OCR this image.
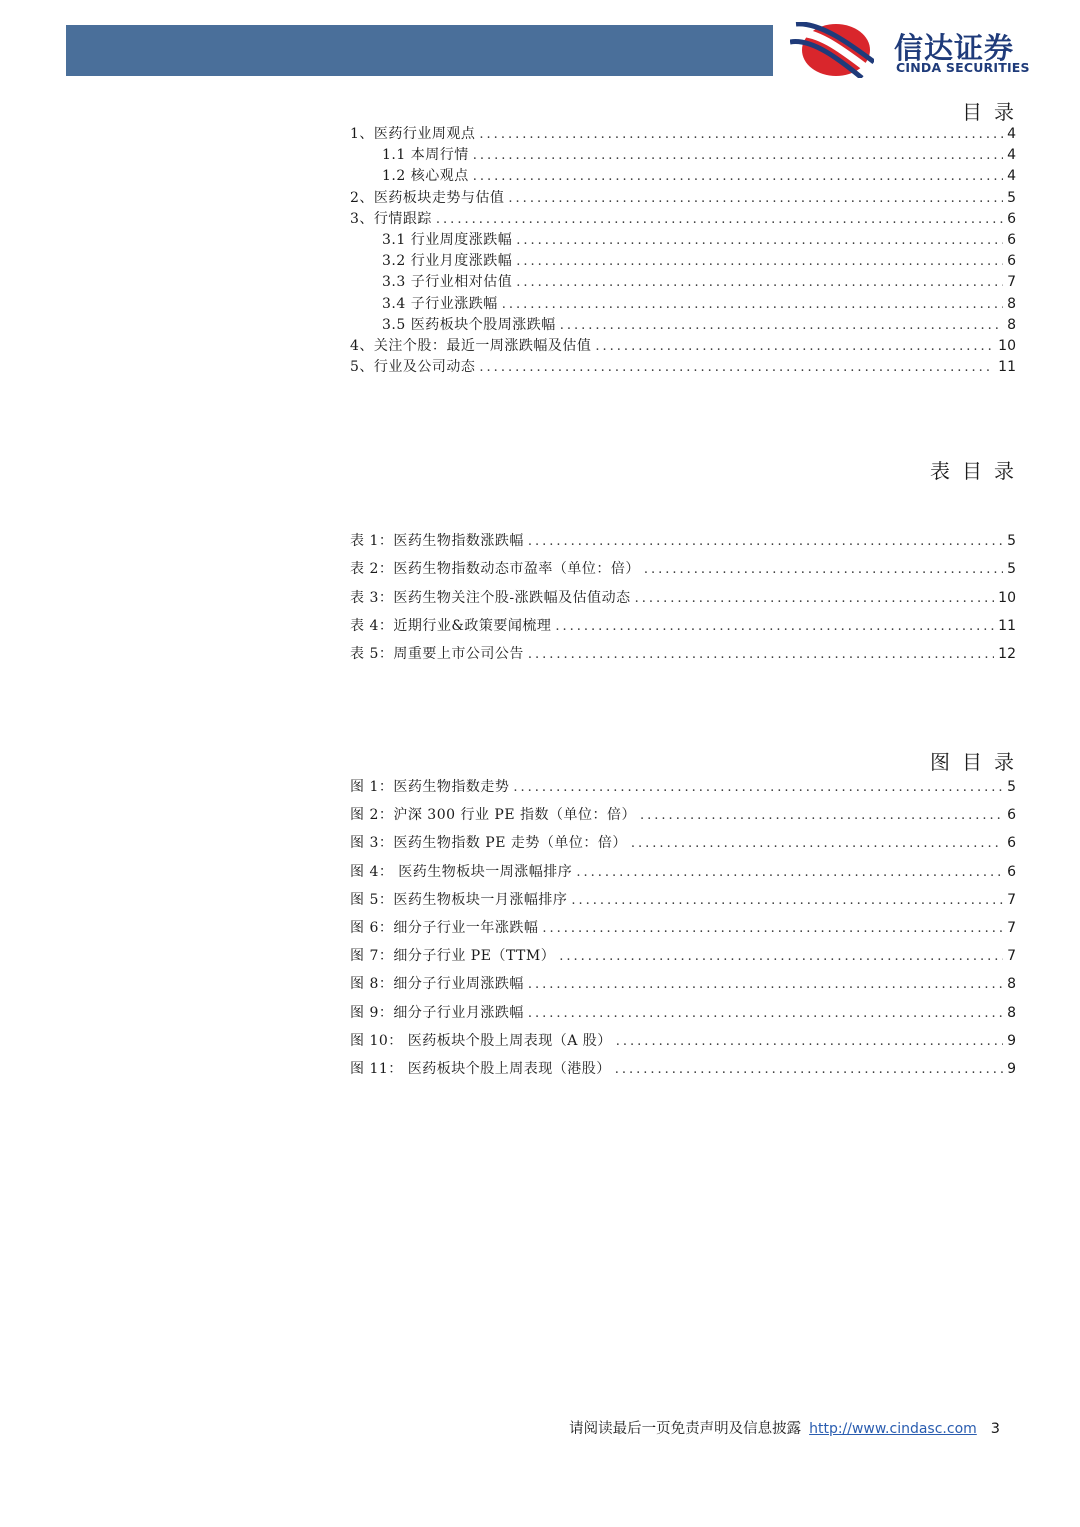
信达证券
CINDA SECURITIES
目录
1、医药行业周观点 .....	4
1.1 本周行情 .....	4
1.2 核心观点 .....	4
2、医药板块走势与估值 .....	5
3、行情跟踪 .....	6
3.1 行业周度涨跌幅 .....	6
3.2 行业月度涨跌幅 .....	6
3.3 子行业相对估值 .....	7
3.4 子行业涨跌幅 .....	8
3.5 医药板块个股周涨跌幅 .....	8
4、关注个股：最近一周涨跌幅及估值 .....	10
5、行业及公司动态 .....	11
表目录
表 1：医药生物指数涨跌幅 .....	5
表 2：医药生物指数动态市盈率（单位：倍） .....	5
表 3：医药生物关注个股-涨跌幅及估值动态 .....	10
表 4：近期行业&政策要闻梳理 .....	11
表 5：周重要上市公司公告 .....	12
图目录
图 1：医药生物指数走势 .....	5
图 2：沪深 300 行业 PE 指数（单位：倍） .....	6
图 3：医药生物指数 PE 走势（单位：倍） .....	6
图 4： 医药生物板块一周涨幅排序 .....	6
图 5：医药生物板块一月涨幅排序 .....	7
图 6：细分子行业一年涨跌幅 .....	7
图 7：细分子行业 PE（TTM） .....	7
图 8：细分子行业周涨跌幅 .....	8
图 9：细分子行业月涨跌幅 .....	8
图 10： 医药板块个股上周表现（A 股） .....	9
图 11： 医药板块个股上周表现（港股） .....	9
请阅读最后一页免责声明及信息披露 http://www.cindasc.com 3
